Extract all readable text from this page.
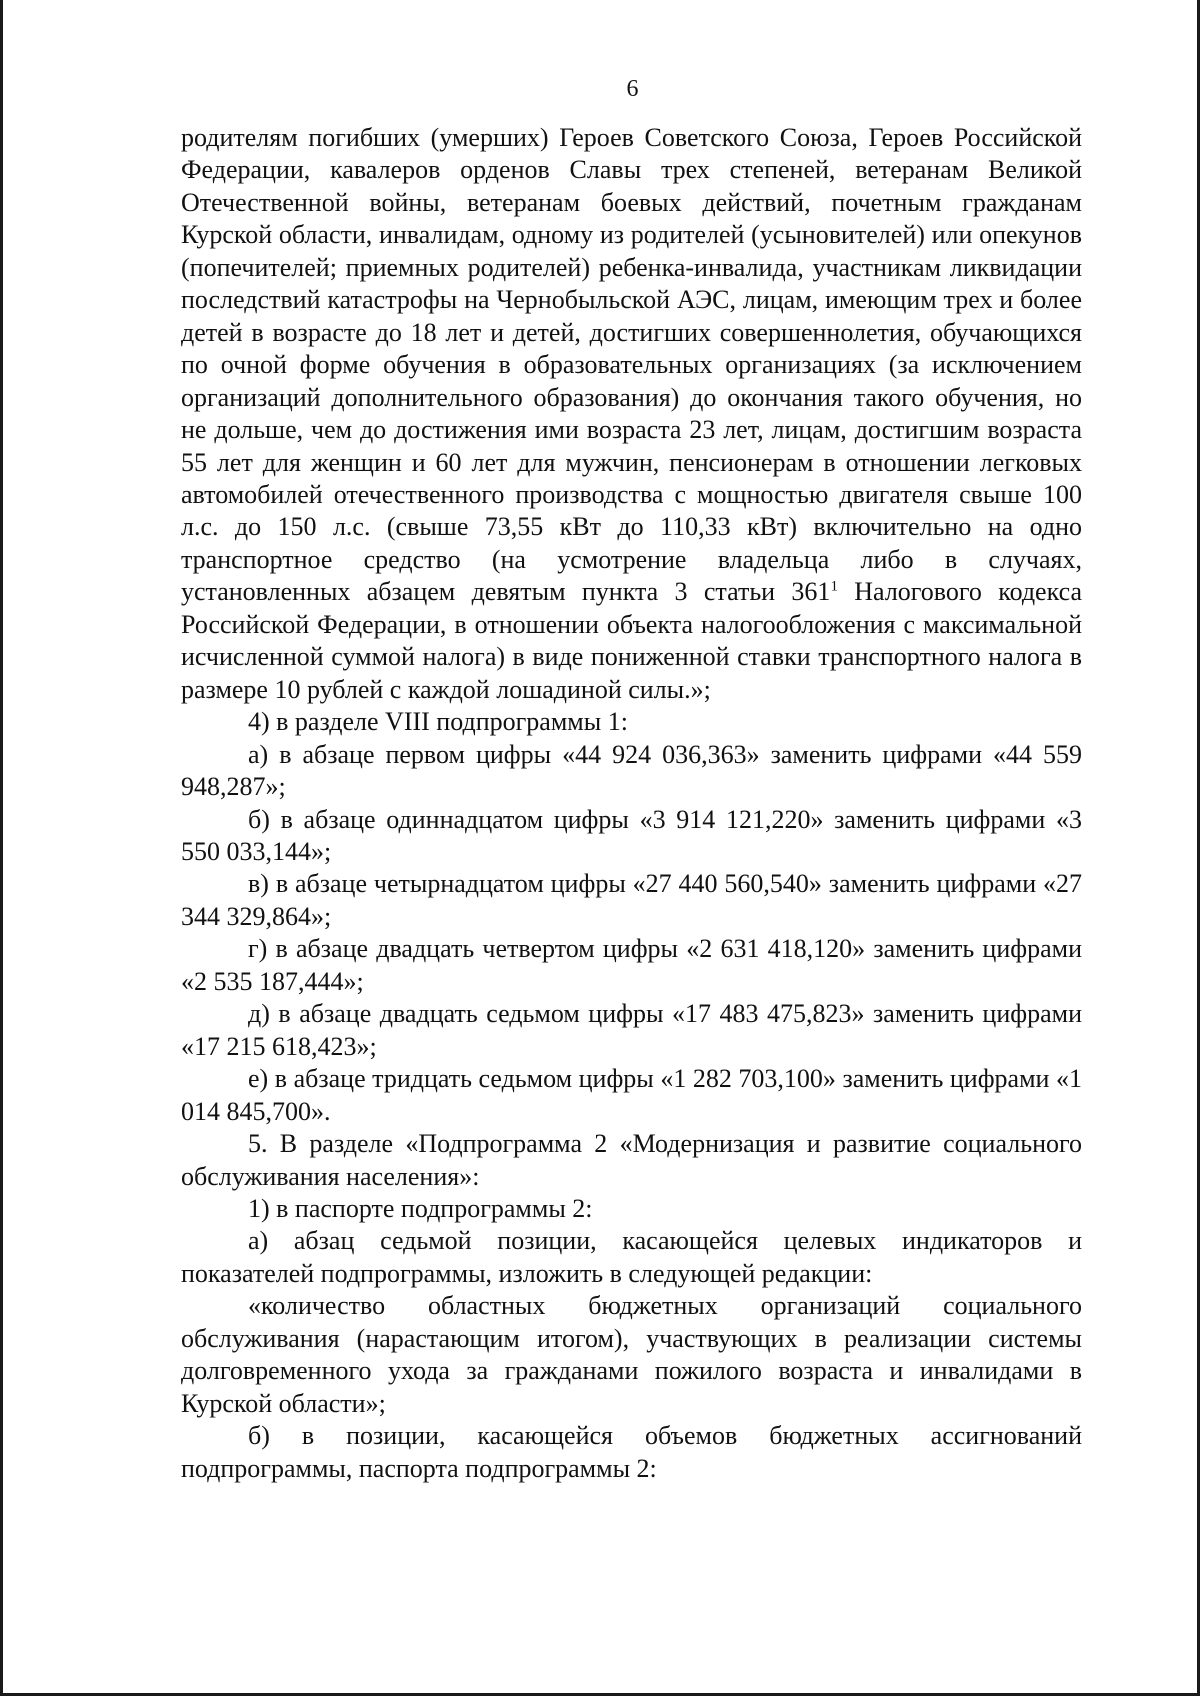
6

родителям погибших (умерших) Героев Советского Союза, Героев Российской Федерации, кавалеров орденов Славы трех степеней, ветеранам Великой Отечественной войны, ветеранам боевых действий, почетным гражданам Курской области, инвалидам, одному из родителей (усыновителей) или опекунов (попечителей; приемных родителей) ребенка-инвалида, участникам ликвидации последствий катастрофы на Чернобыльской АЭС, лицам, имеющим трех и более детей в возрасте до 18 лет и детей, достигших совершеннолетия, обучающихся по очной форме обучения в образовательных организациях (за исключением организаций дополнительного образования) до окончания такого обучения, но не дольше, чем до достижения ими возраста 23 лет, лицам, достигшим возраста 55 лет для женщин и 60 лет для мужчин, пенсионерам в отношении легковых автомобилей отечественного производства с мощностью двигателя свыше 100 л.с. до 150 л.с. (свыше 73,55 кВт до 110,33 кВт) включительно на одно транспортное средство (на усмотрение владельца либо в случаях, установленных абзацем девятым пункта 3 статьи $361^1$ Налогового кодекса Российской Федерации, в отношении объекта налогообложения с максимальной исчисленной суммой налога) в виде пониженной ставки транспортного налога в размере 10 рублей с каждой лошадиной силы.»;

4) в разделе VIII подпрограммы 1:

а) в абзаце первом цифры «44 924 036,363» заменить цифрами «44 559 948,287»;

б) в абзаце одиннадцатом цифры «3 914 121,220» заменить цифрами «3 550 033,144»;

в) в абзаце четырнадцатом цифры «27 440 560,540» заменить цифрами «27 344 329,864»;

г) в абзаце двадцать четвертом цифры «2 631 418,120» заменить цифрами «2 535 187,444»;

д) в абзаце двадцать седьмом цифры «17 483 475,823» заменить цифрами «17 215 618,423»;

е) в абзаце тридцать седьмом цифры «1 282 703,100» заменить цифрами «1 014 845,700».

5. В разделе «Подпрограмма 2 «Модернизация и развитие социального обслуживания населения»:

1) в паспорте подпрограммы 2:

а) абзац седьмой позиции, касающейся целевых индикаторов и показателей подпрограммы, изложить в следующей редакции:

«количество областных бюджетных организаций социального обслуживания (нарастающим итогом), участвующих в реализации системы долговременного ухода за гражданами пожилого возраста и инвалидами в Курской области»;

б) в позиции, касающейся объемов бюджетных ассигнований подпрограммы, паспорта подпрограммы 2:
